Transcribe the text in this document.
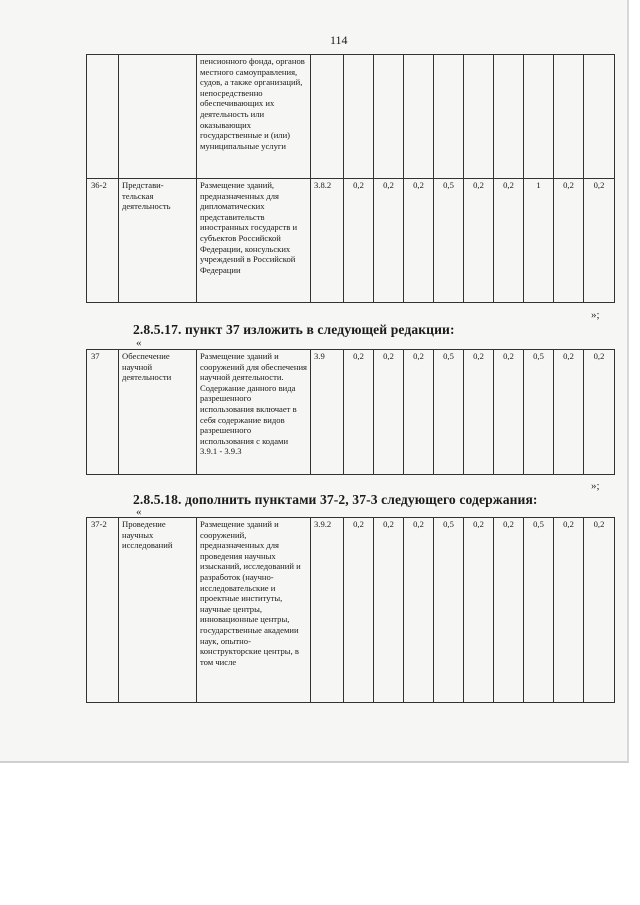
114
		пенсионного фонда, органов местного самоуправления, судов, а также организаций, непосредственно обеспечивающих их деятельность или оказывающих государственные и (или) муниципальные услуги										
36-2	Представи-тельская деятельность	Размещение зданий, предназначенных для дипломатических представительств иностранных государств и субъектов Российской Федерации, консульских учреждений в Российской Федерации	3.8.2	0,2	0,2	0,2	0,5	0,2	0,2	1	0,2	0,2
»;
2.8.5.17. пункт 37 изложить в следующей редакции:
«
37	Обеспечение научной деятельности	Размещение зданий и сооружений для обеспечения научной деятельности. Содержание данного вида разрешенного использования включает в себя содержание видов разрешенного использования с кодами 3.9.1 - 3.9.3	3.9	0,2	0,2	0,2	0,5	0,2	0,2	0,5	0,2	0,2
»;
2.8.5.18. дополнить пунктами 37-2, 37-3 следующего содержания:
«
37-2	Проведение научных исследований	Размещение зданий и сооружений, предназначенных для проведения научных изысканий, исследований и разработок (научно-исследовательские и проектные институты, научные центры, инновационные центры, государственные академии наук, опытно-конструкторские центры, в том числе	3.9.2	0,2	0,2	0,2	0,5	0,2	0,2	0,5	0,2	0,2
